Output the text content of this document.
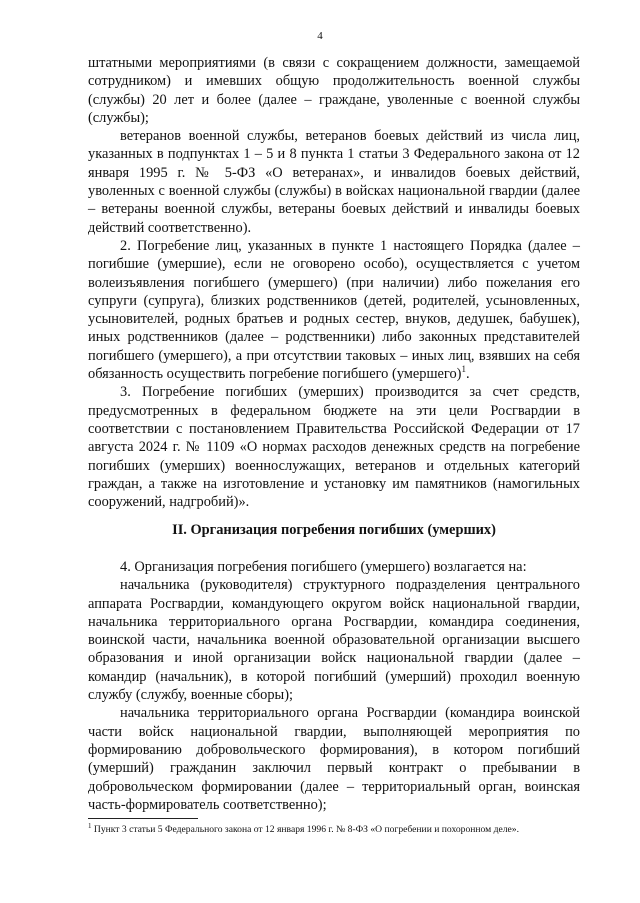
4

штатными мероприятиями (в связи с сокращением должности, замещаемой сотрудником) и имевших общую продолжительность военной службы (службы) 20 лет и более (далее – граждане, уволенные с военной службы (службы);

ветеранов военной службы, ветеранов боевых действий из числа лиц, указанных в подпунктах 1 – 5 и 8 пункта 1 статьи 3 Федерального закона от 12 января 1995 г. № 5-ФЗ «О ветеранах», и инвалидов боевых действий, уволенных с военной службы (службы) в войсках национальной гвардии (далее – ветераны военной службы, ветераны боевых действий и инвалиды боевых действий соответственно).

2. Погребение лиц, указанных в пункте 1 настоящего Порядка (далее – погибшие (умершие), если не оговорено особо), осуществляется с учетом волеизъявления погибшего (умершего) (при наличии) либо пожелания его супруги (супруга), близких родственников (детей, родителей, усыновленных, усыновителей, родных братьев и родных сестер, внуков, дедушек, бабушек), иных родственников (далее – родственники) либо законных представителей погибшего (умершего), а при отсутствии таковых – иных лиц, взявших на себя обязанность осуществить погребение погибшего (умершего)$^1$.

3. Погребение погибших (умерших) производится за счет средств, предусмотренных в федеральном бюджете на эти цели Росгвардии в соответствии с постановлением Правительства Российской Федерации от 17 августа 2024 г. № 1109 «О нормах расходов денежных средств на погребение погибших (умерших) военнослужащих, ветеранов и отдельных категорий граждан, а также на изготовление и установку им памятников (намогильных сооружений, надгробий)».

II. Организация погребения погибших (умерших)

4. Организация погребения погибшего (умершего) возлагается на:

начальника (руководителя) структурного подразделения центрального аппарата Росгвардии, командующего округом войск национальной гвардии, начальника территориального органа Росгвардии, командира соединения, воинской части, начальника военной образовательной организации высшего образования и иной организации войск национальной гвардии (далее – командир (начальник), в которой погибший (умерший) проходил военную службу (службу, военные сборы);

начальника территориального органа Росгвардии (командира воинской части войск национальной гвардии, выполняющей мероприятия по формированию добровольческого формирования), в котором погибший (умерший) гражданин заключил первый контракт о пребывании в добровольческом формировании (далее – территориальный орган, воинская часть-формирователь соответственно);

$^1$ Пункт 3 статьи 5 Федерального закона от 12 января 1996 г. № 8-ФЗ «О погребении и похоронном деле».
